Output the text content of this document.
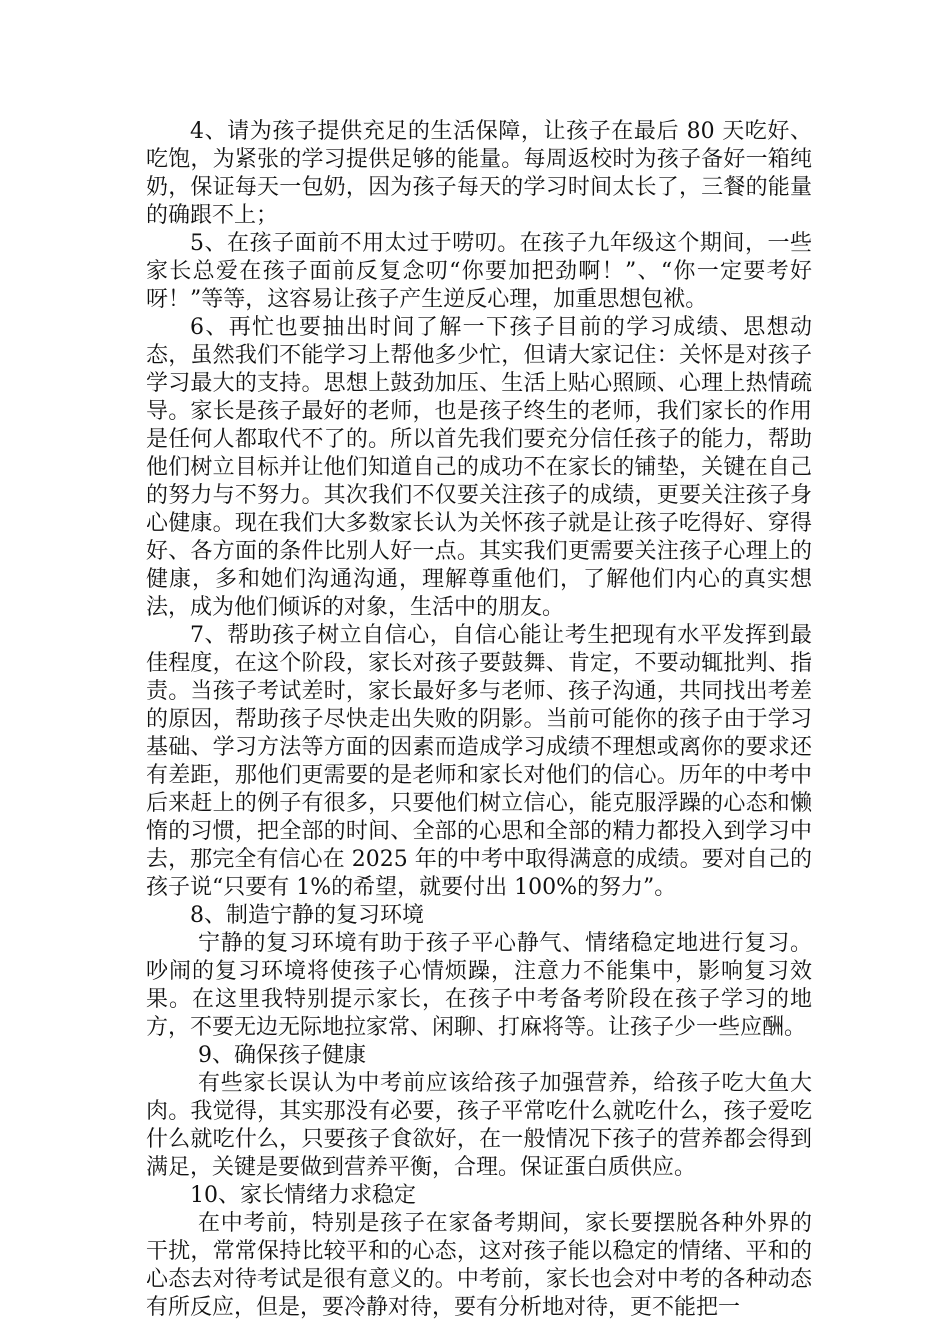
4、请为孩子提供充足的生活保障，让孩子在最后 80 天吃好、吃饱，为紧张的学习提供足够的能量。每周返校时为孩子备好一箱纯奶，保证每天一包奶，因为孩子每天的学习时间太长了，三餐的能量的确跟不上；

5、在孩子面前不用太过于唠叨。在孩子九年级这个期间，一些家长总爱在孩子面前反复念叨“你要加把劲啊！”、“你一定要考好呀！”等等，这容易让孩子产生逆反心理，加重思想包袱。

6、再忙也要抽出时间了解一下孩子目前的学习成绩、思想动态，虽然我们不能学习上帮他多少忙，但请大家记住：关怀是对孩子学习最大的支持。思想上鼓劲加压、生活上贴心照顾、心理上热情疏导。家长是孩子最好的老师，也是孩子终生的老师，我们家长的作用是任何人都取代不了的。所以首先我们要充分信任孩子的能力，帮助他们树立目标并让他们知道自己的成功不在家长的铺垫，关键在自己的努力与不努力。其次我们不仅要关注孩子的成绩，更要关注孩子身心健康。现在我们大多数家长认为关怀孩子就是让孩子吃得好、穿得好、各方面的条件比别人好一点。其实我们更需要关注孩子心理上的健康，多和她们沟通沟通，理解尊重他们，了解他们内心的真实想法，成为他们倾诉的对象，生活中的朋友。

7、帮助孩子树立自信心，自信心能让考生把现有水平发挥到最佳程度，在这个阶段，家长对孩子要鼓舞、肯定，不要动辄批判、指责。当孩子考试差时，家长最好多与老师、孩子沟通，共同找出考差的原因，帮助孩子尽快走出失败的阴影。当前可能你的孩子由于学习基础、学习方法等方面的因素而造成学习成绩不理想或离你的要求还有差距，那他们更需要的是老师和家长对他们的信心。历年的中考中后来赶上的例子有很多，只要他们树立信心，能克服浮躁的心态和懒惰的习惯，把全部的时间、全部的心思和全部的精力都投入到学习中去，那完全有信心在 2025 年的中考中取得满意的成绩。要对自己的孩子说“只要有 1%的希望，就要付出 100%的努力”。

8、制造宁静的复习环境

宁静的复习环境有助于孩子平心静气、情绪稳定地进行复习。吵闹的复习环境将使孩子心情烦躁，注意力不能集中，影响复习效果。在这里我特别提示家长，在孩子中考备考阶段在孩子学习的地方，不要无边无际地拉家常、闲聊、打麻将等。让孩子少一些应酬。

9、确保孩子健康

有些家长误认为中考前应该给孩子加强营养，给孩子吃大鱼大肉。我觉得，其实那没有必要，孩子平常吃什么就吃什么，孩子爱吃什么就吃什么，只要孩子食欲好，在一般情况下孩子的营养都会得到满足，关键是要做到营养平衡，合理。保证蛋白质供应。

10、家长情绪力求稳定

在中考前，特别是孩子在家备考期间，家长要摆脱各种外界的干扰，常常保持比较平和的心态，这对孩子能以稳定的情绪、平和的心态去对待考试是很有意义的。中考前，家长也会对中考的各种动态有所反应，但是，要冷静对待，要有分析地对待，更不能把一
